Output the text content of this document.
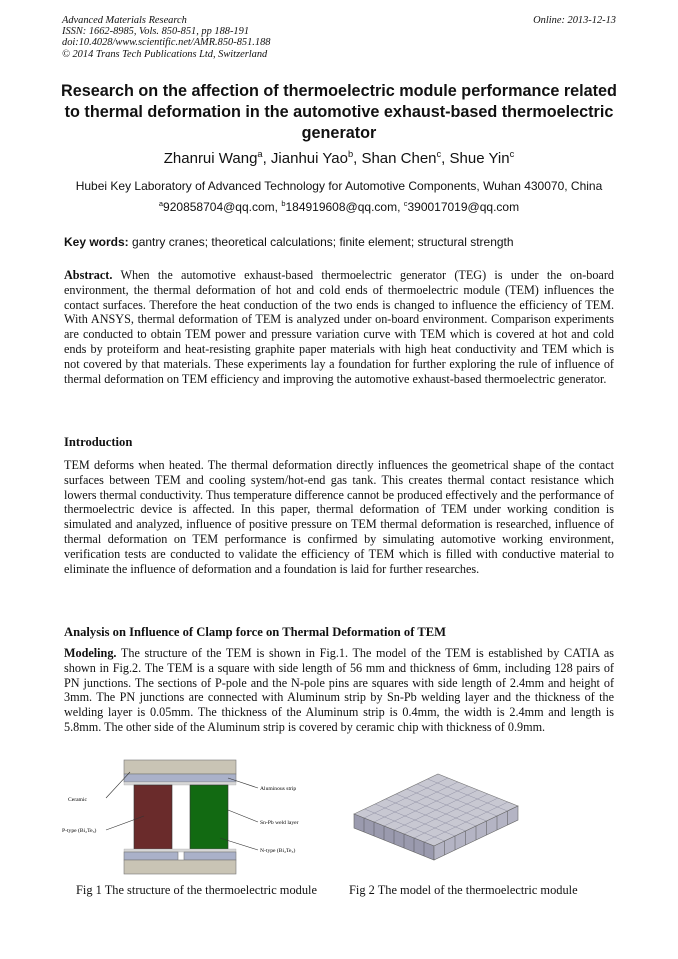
Advanced Materials Research
ISSN: 1662-8985, Vols. 850-851, pp 188-191
doi:10.4028/www.scientific.net/AMR.850-851.188
© 2014 Trans Tech Publications Ltd, Switzerland
Online: 2013-12-13
Research on the affection of thermoelectric module performance related to thermal deformation in the automotive exhaust-based thermoelectric generator
Zhanrui Wang$^a$, Jianhui Yao$^b$, Shan Chen$^c$, Shue Yin$^c$
Hubei Key Laboratory of Advanced Technology for Automotive Components, Wuhan 430070, China
$^a$920858704@qq.com, $^b$184919608@qq.com, $^c$390017019@qq.com
Key words: gantry cranes; theoretical calculations; finite element; structural strength
Abstract. When the automotive exhaust-based thermoelectric generator (TEG) is under the on-board environment, the thermal deformation of hot and cold ends of thermoelectric module (TEM) influences the contact surfaces. Therefore the heat conduction of the two ends is changed to influence the efficiency of TEM. With ANSYS, thermal deformation of TEM is analyzed under on-board environment. Comparison experiments are conducted to obtain TEM power and pressure variation curve with TEM which is covered at hot and cold ends by proteiform and heat-resisting graphite paper materials with high heat conductivity and TEM which is not covered by that materials. These experiments lay a foundation for further exploring the rule of influence of thermal deformation on TEM efficiency and improving the automotive exhaust-based thermoelectric generator.
Introduction
TEM deforms when heated. The thermal deformation directly influences the geometrical shape of the contact surfaces between TEM and cooling system/hot-end gas tank. This creates thermal contact resistance which lowers thermal conductivity. Thus temperature difference cannot be produced effectively and the performance of thermoelectric device is affected. In this paper, thermal deformation of TEM under working condition is simulated and analyzed, influence of positive pressure on TEM thermal deformation is researched, influence of thermal deformation on TEM performance is confirmed by simulating automotive working environment, verification tests are conducted to validate the efficiency of TEM which is filled with conductive material to eliminate the influence of deformation and a foundation is laid for further researches.
Analysis on Influence of Clamp force on Thermal Deformation of TEM
Modeling. The structure of the TEM is shown in Fig.1. The model of the TEM is established by CATIA as shown in Fig.2. The TEM is a square with side length of 56 mm and thickness of 6mm, including 128 pairs of PN junctions. The sections of P-pole and the N-pole pins are squares with side length of 2.4mm and height of 3mm. The PN junctions are connected with Aluminum strip by Sn-Pb welding layer and the thickness of the welding layer is 0.05mm. The thickness of the Aluminum strip is 0.4mm, the width is 2.4mm and length is 5.8mm. The other side of the Aluminum strip is covered by ceramic chip with thickness of 0.9mm.
Ceramic
P-type (Bi₂Te₃)
Aluminous strip
Sn-Pb weld layer
N-type (Bi₂Te₃)
Fig 1 The structure of the thermoelectric module	Fig 2 The model of the thermoelectric module
